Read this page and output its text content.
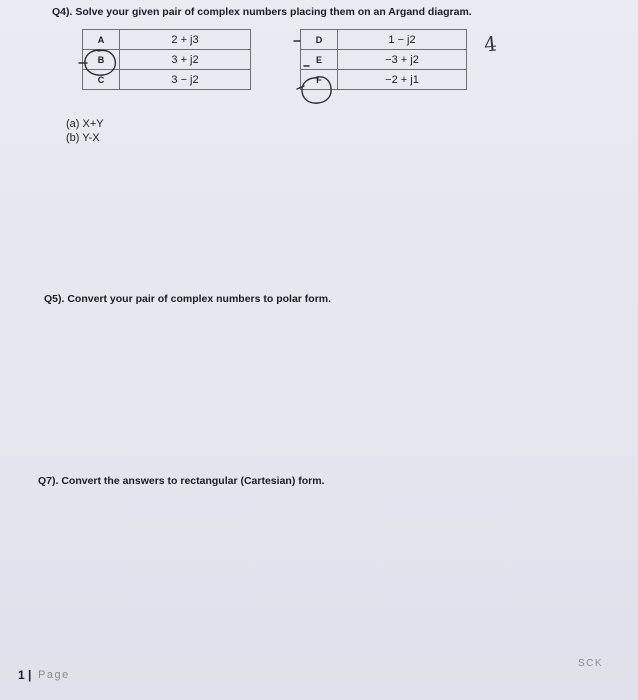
Q4). Solve your given pair of complex numbers placing them on an Argand diagram.
A	2 + j3
B	3 + j2
C	3 − j2
D	1 − j2
E	−3 + j2
F	−2 + j1
4
(a) X+Y
(b) Y-X
Q5). Convert your pair of complex numbers to polar form.
Q7). Convert the answers to rectangular (Cartesian) form.
1 | Page
SCK
